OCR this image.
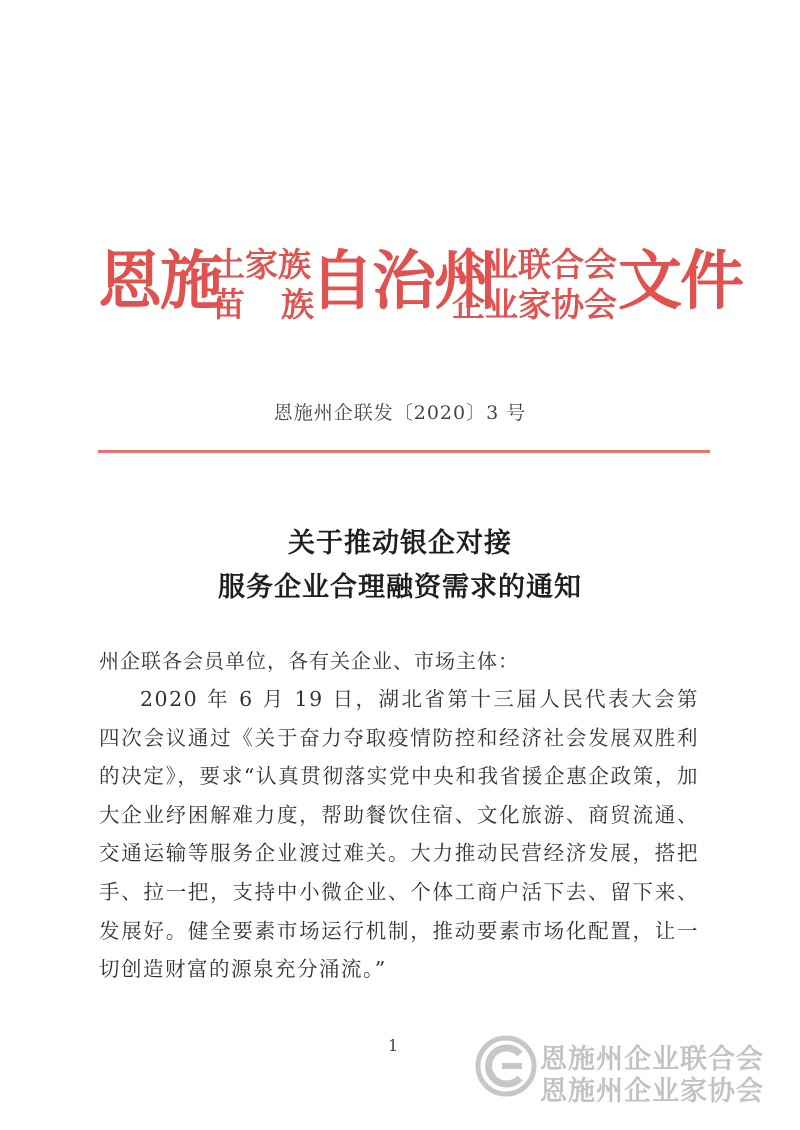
恩施
土家族
苗 族
自治州
企业联合会
企业家协会 文件
恩施州企联发〔2020〕3 号
关于推动银企对接
服务企业合理融资需求的通知
州企联各会员单位，各有关企业、市场主体：

2020 年 6 月 19 日，湖北省第十三届人民代表大会第四次会议通过《关于奋力夺取疫情防控和经济社会发展双胜利的决定》，要求“认真贯彻落实党中央和我省援企惠企政策，加大企业纾困解难力度，帮助餐饮住宿、文化旅游、商贸流通、交通运输等服务企业渡过难关。大力推动民营经济发展，搭把手、拉一把，支持中小微企业、个体工商户活下去、留下来、发展好。健全要素市场运行机制，推动要素市场化配置，让一切创造财富的源泉充分涌流。”

1	恩施州企业联合会
恩施州企业家协会
